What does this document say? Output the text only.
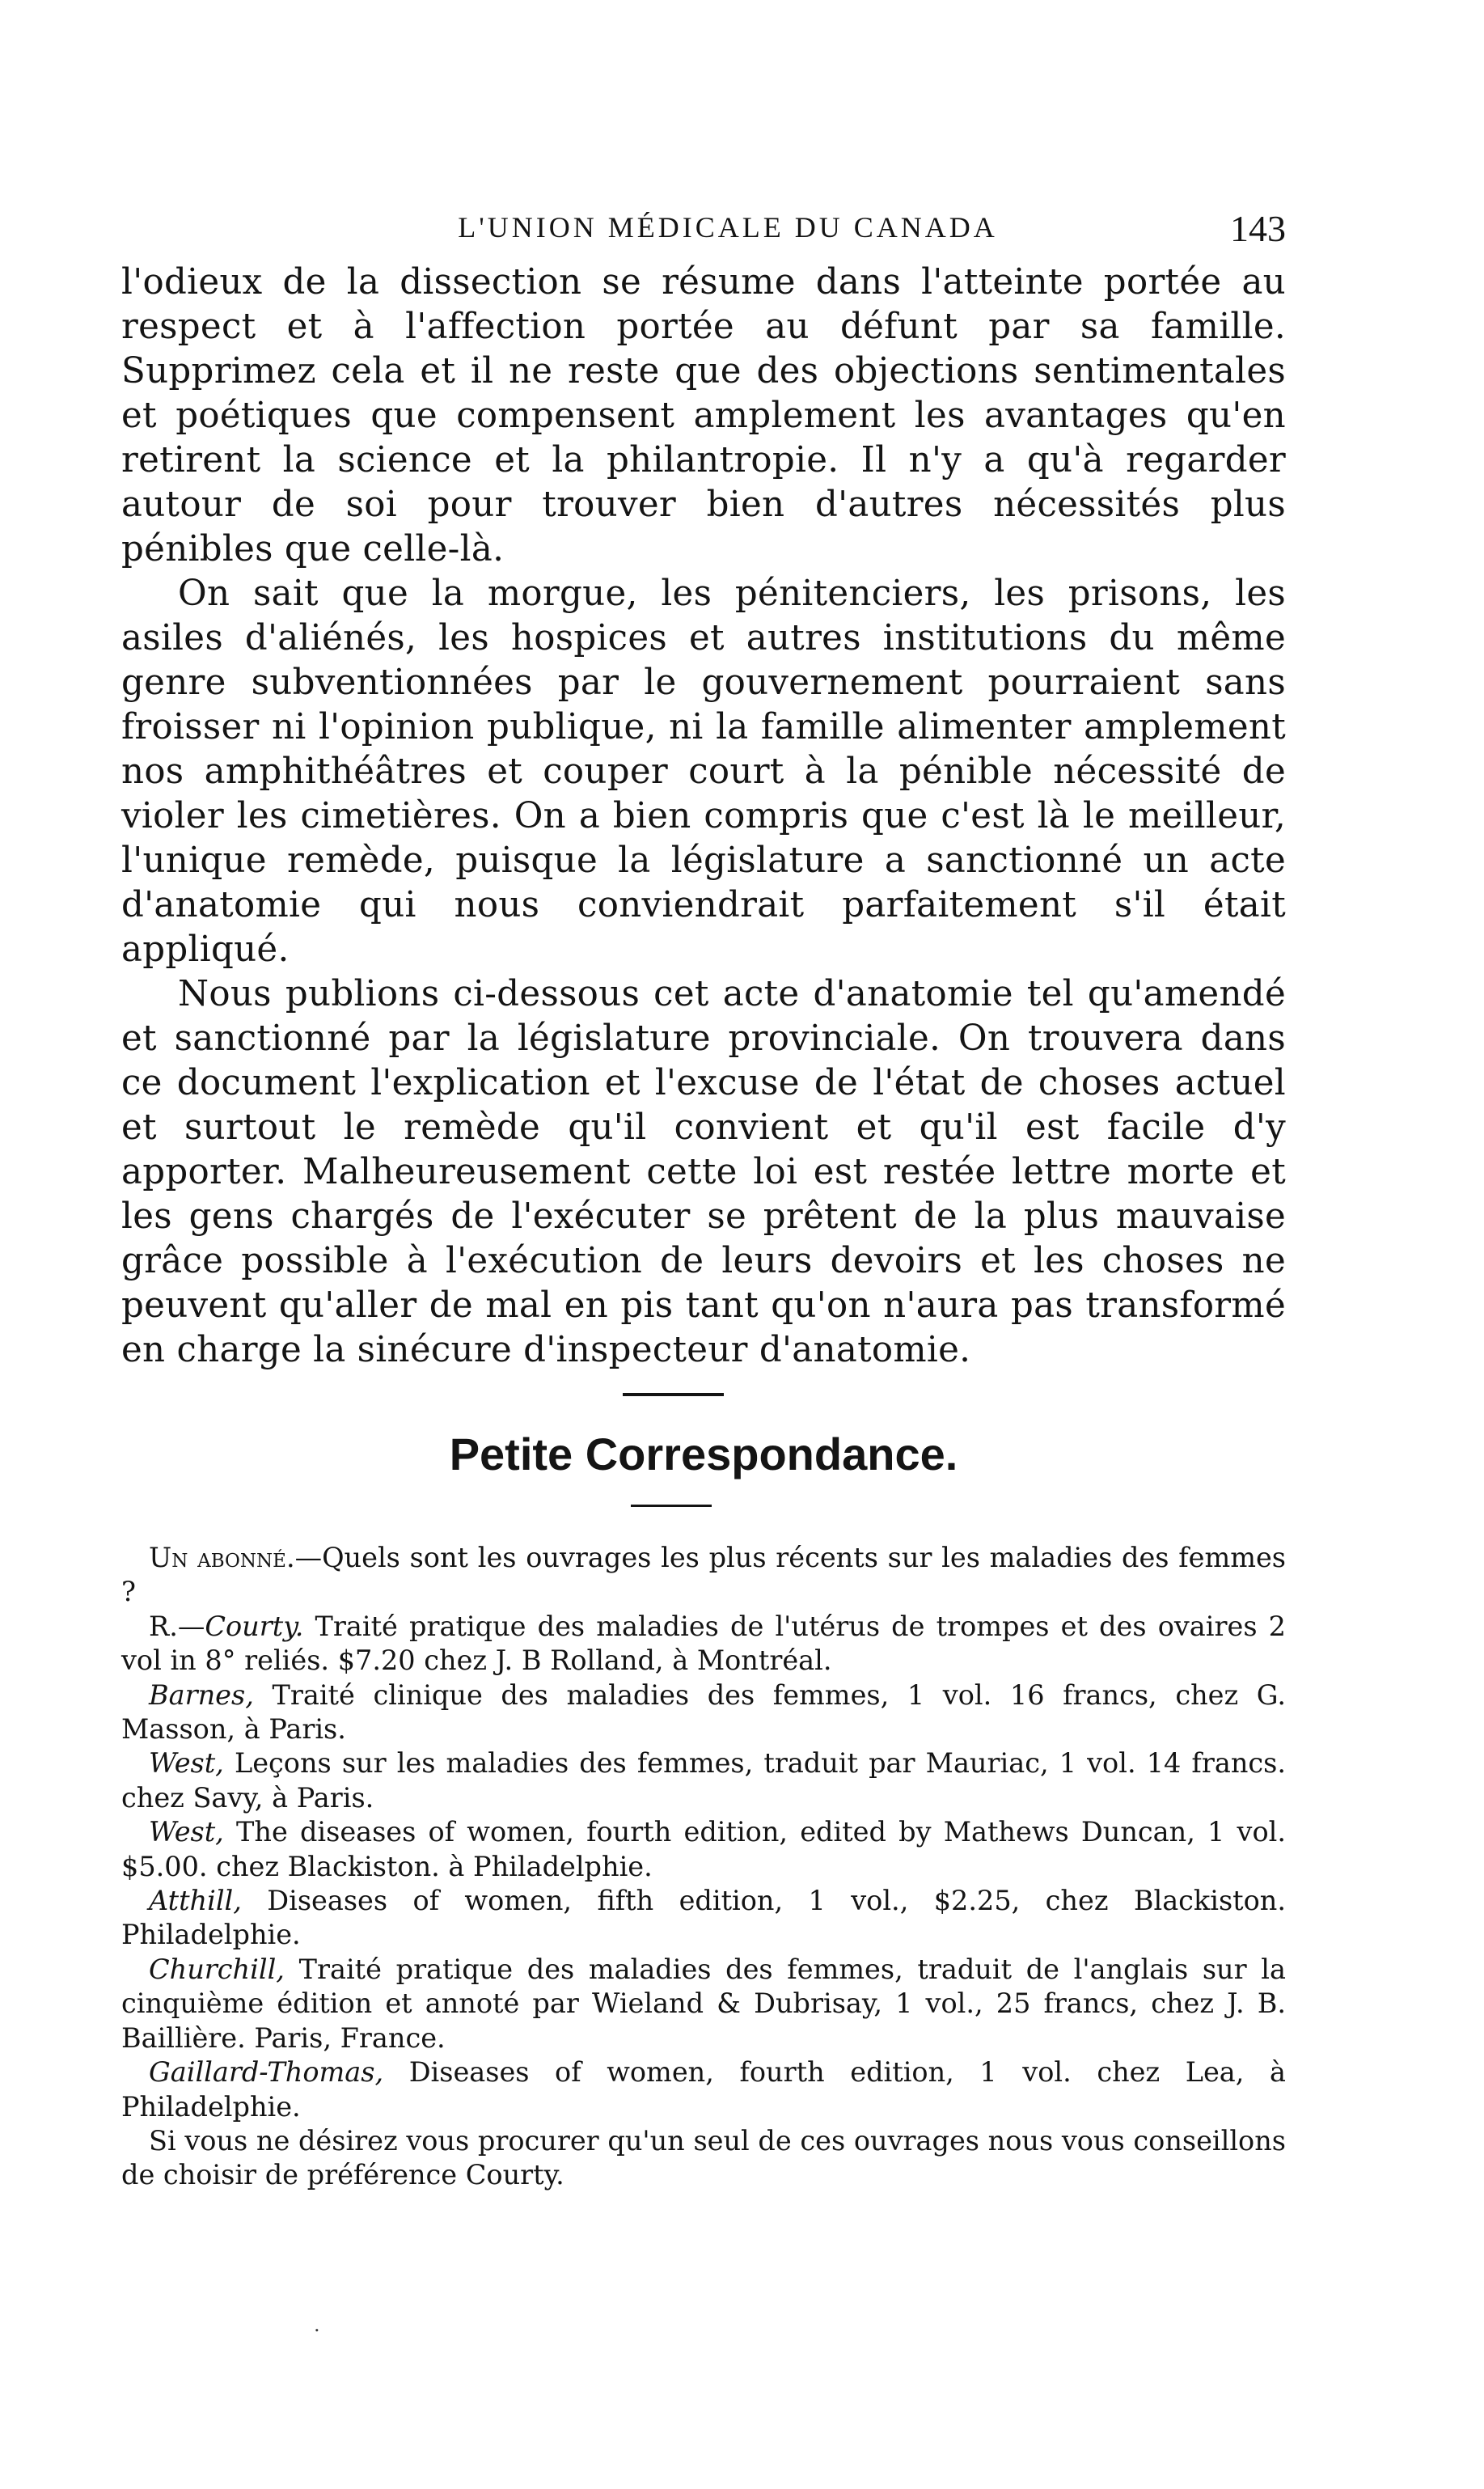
L'UNION MÉDICALE DU CANADA	143

l'odieux de la dissection se résume dans l'atteinte portée au respect et à l'affection portée au défunt par sa famille. Supprimez cela et il ne reste que des objections sentimentales et poétiques que compensent amplement les avantages qu'en retirent la science et la philantropie. Il n'y a qu'à regarder autour de soi pour trouver bien d'autres nécessités plus pénibles que celle-là.

On sait que la morgue, les pénitenciers, les prisons, les asiles d'aliénés, les hospices et autres institutions du même genre subventionnées par le gouvernement pourraient sans froisser ni l'opinion publique, ni la famille alimenter amplement nos amphithéâtres et couper court à la pénible nécessité de violer les cimetières. On a bien compris que c'est là le meilleur, l'unique remède, puisque la législature a sanctionné un acte d'anatomie qui nous conviendrait parfaitement s'il était appliqué.

Nous publions ci-dessous cet acte d'anatomie tel qu'amendé et sanctionné par la législature provinciale. On trouvera dans ce document l'explication et l'excuse de l'état de choses actuel et surtout le remède qu'il convient et qu'il est facile d'y apporter. Malheureusement cette loi est restée lettre morte et les gens chargés de l'exécuter se prêtent de la plus mauvaise grâce possible à l'exécution de leurs devoirs et les choses ne peuvent qu'aller de mal en pis tant qu'on n'aura pas transformé en charge la sinécure d'inspecteur d'anatomie.

Petite Correspondance.

Un abonné.—Quels sont les ouvrages les plus récents sur les maladies des femmes ?

R.—Courty. Traité pratique des maladies de l'utérus de trompes et des ovaires 2 vol in 8° reliés. $7.20 chez J. B Rolland, à Montréal.

Barnes, Traité clinique des maladies des femmes, 1 vol. 16 francs, chez G. Masson, à Paris.

West, Leçons sur les maladies des femmes, traduit par Mauriac, 1 vol. 14 francs. chez Savy, à Paris.

West, The diseases of women, fourth edition, edited by Mathews Duncan, 1 vol. $5.00. chez Blackiston. à Philadelphie.

Atthill, Diseases of women, fifth edition, 1 vol., $2.25, chez Blackiston. Philadelphie.

Churchill, Traité pratique des maladies des femmes, traduit de l'anglais sur la cinquième édition et annoté par Wieland & Dubrisay, 1 vol., 25 francs, chez J. B. Baillière. Paris, France.

Gaillard-Thomas, Diseases of women, fourth edition, 1 vol. chez Lea, à Philadelphie.

Si vous ne désirez vous procurer qu'un seul de ces ouvrages nous vous conseillons de choisir de préférence Courty.

.
